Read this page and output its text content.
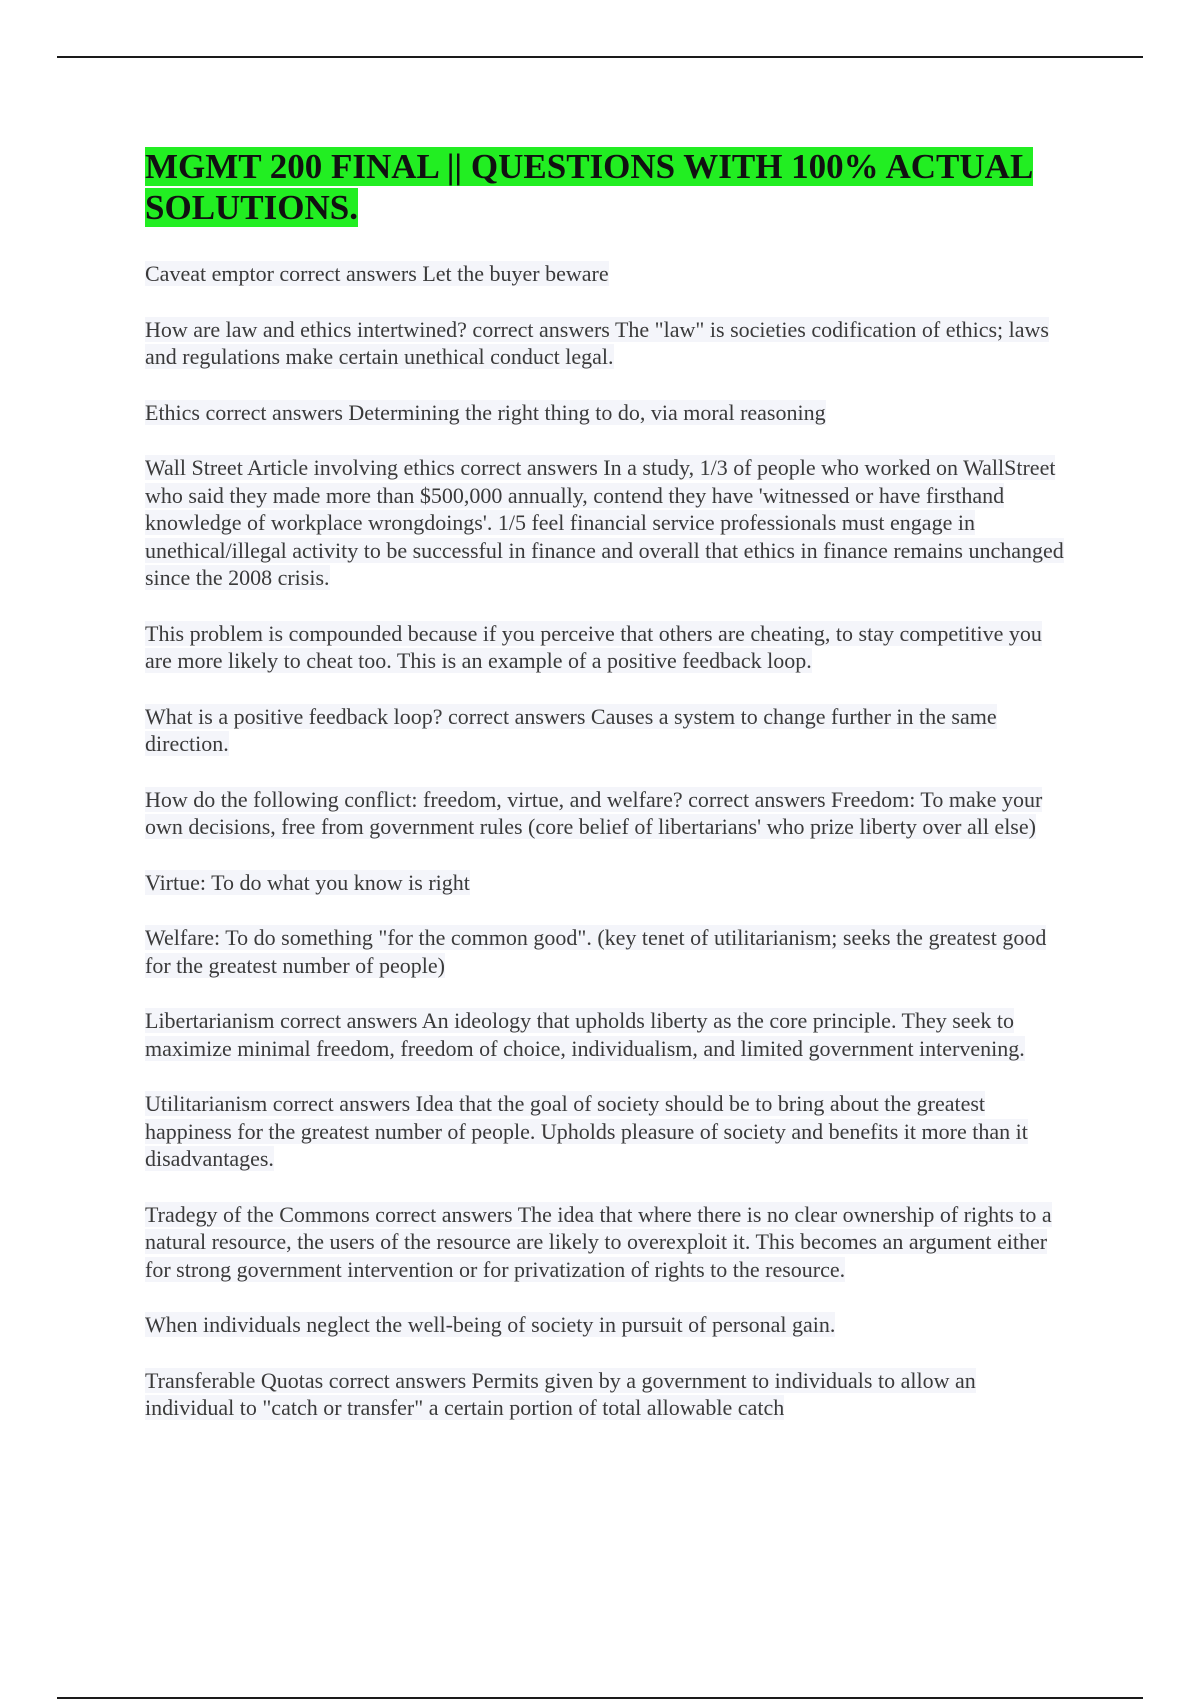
MGMT 200 FINAL || QUESTIONS WITH 100% ACTUAL SOLUTIONS.

Caveat emptor correct answers Let the buyer beware

How are law and ethics intertwined? correct answers The "law" is societies codification of ethics; laws and regulations make certain unethical conduct legal.

Ethics correct answers Determining the right thing to do, via moral reasoning

Wall Street Article involving ethics correct answers In a study, 1/3 of people who worked on WallStreet who said they made more than $500,000 annually, contend they have 'witnessed or have firsthand knowledge of workplace wrongdoings'. 1/5 feel financial service professionals must engage in unethical/illegal activity to be successful in finance and overall that ethics in finance remains unchanged since the 2008 crisis.

This problem is compounded because if you perceive that others are cheating, to stay competitive you are more likely to cheat too. This is an example of a positive feedback loop.

What is a positive feedback loop? correct answers Causes a system to change further in the same direction.

How do the following conflict: freedom, virtue, and welfare? correct answers Freedom: To make your own decisions, free from government rules (core belief of libertarians' who prize liberty over all else)

Virtue: To do what you know is right

Welfare: To do something "for the common good". (key tenet of utilitarianism; seeks the greatest good for the greatest number of people)

Libertarianism correct answers An ideology that upholds liberty as the core principle. They seek to maximize minimal freedom, freedom of choice, individualism, and limited government intervening.

Utilitarianism correct answers Idea that the goal of society should be to bring about the greatest happiness for the greatest number of people. Upholds pleasure of society and benefits it more than it disadvantages.

Tradegy of the Commons correct answers The idea that where there is no clear ownership of rights to a natural resource, the users of the resource are likely to overexploit it. This becomes an argument either for strong government intervention or for privatization of rights to the resource.

When individuals neglect the well-being of society in pursuit of personal gain.

Transferable Quotas correct answers Permits given by a government to individuals to allow an individual to "catch or transfer" a certain portion of total allowable catch
